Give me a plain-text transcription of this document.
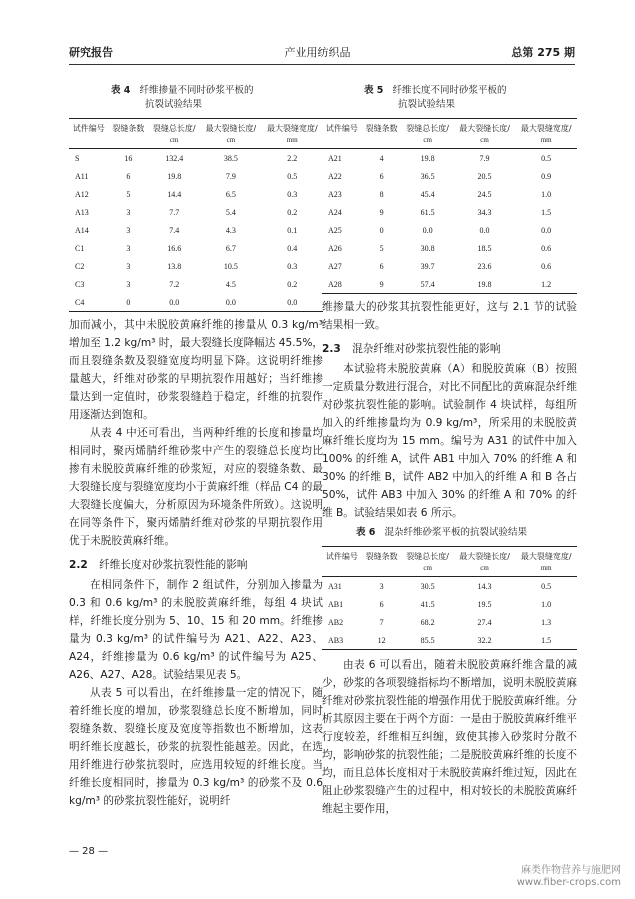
研究报告	产业用纺织品	总第 275 期
表 4 纤维掺量不同时砂浆平板的
抗裂试验结果
试件编号	裂缝条数	裂缝总长度/	最大裂缝长度/	最大裂缝宽度/
		cm	cm	mm
S	16	132.4	38.5	2.2
A11	6	19.8	7.9	0.5
A12	5	14.4	6.5	0.3
A13	3	7.7	5.4	0.2
A14	3	7.4	4.3	0.1
C1	3	16.6	6.7	0.4
C2	3	13.8	10.5	0.3
C3	3	7.2	4.5	0.2
C4	0	0.0	0.0	0.0

加而减小，其中未脱胶黄麻纤维的掺量从 0.3 kg/m³ 增加至 1.2 kg/m³ 时，最大裂缝长度降幅达 45.5%，而且裂缝条数及裂缝宽度均明显下降。这说明纤维掺量越大，纤维对砂浆的早期抗裂作用越好；当纤维掺量达到一定值时，砂浆裂缝趋于稳定，纤维的抗裂作用逐渐达到饱和。

从表 4 中还可看出，当两种纤维的长度和掺量均相同时，聚丙烯腈纤维砂浆中产生的裂缝总长度均比掺有未脱胶黄麻纤维的砂浆短，对应的裂缝条数、最大裂缝长度与裂缝宽度均小于黄麻纤维（样品 C4 的最大裂缝长度偏大，分析原因为环境条件所致）。这说明在同等条件下，聚丙烯腈纤维对砂浆的早期抗裂作用优于未脱胶黄麻纤维。

2.2 纤维长度对砂浆抗裂性能的影响

在相同条件下，制作 2 组试件，分别加入掺量为 0.3 和 0.6 kg/m³ 的未脱胶黄麻纤维，每组 4 块试样，纤维长度分别为 5、10、15 和 20 mm。纤维掺量为 0.3 kg/m³ 的试件编号为 A21、A22、A23、A24，纤维掺量为 0.6 kg/m³ 的试件编号为 A25、A26、A27、A28。试验结果见表 5。

从表 5 可以看出，在纤维掺量一定的情况下，随着纤维长度的增加，砂浆裂缝总长度不断增加，同时裂缝条数、裂缝长度及宽度等指数也不断增加，这表明纤维长度越长，砂浆的抗裂性能越差。因此，在选用纤维进行砂浆抗裂时，应选用较短的纤维长度。当纤维长度相同时，掺量为 0.3 kg/m³ 的砂浆不及 0.6 kg/m³ 的砂浆抗裂性能好，说明纤

表 5 纤维长度不同时砂浆平板的
抗裂试验结果
试件编号	裂缝条数	裂缝总长度/	最大裂缝长度/	最大裂缝宽度/
		cm	cm	mm
A21	4	19.8	7.9	0.5
A22	6	36.5	20.5	0.9
A23	8	45.4	24.5	1.0
A24	9	61.5	34.3	1.5
A25	0	0.0	0.0	0.0
A26	5	30.8	18.5	0.6
A27	6	39.7	23.6	0.6
A28	9	57.4	19.8	1.2

维掺量大的砂浆其抗裂性能更好，这与 2.1 节的试验结果相一致。

2.3 混杂纤维对砂浆抗裂性能的影响

本试验将未脱胶黄麻（A）和脱胶黄麻（B）按照一定质量分数进行混合，对比不同配比的黄麻混杂纤维对砂浆抗裂性能的影响。试验制作 4 块试样，每组所加入的纤维掺量均为 0.9 kg/m³，所采用的未脱胶黄麻纤维长度均为 15 mm。编号为 A31 的试件中加入 100% 的纤维 A，试件 AB1 中加入 70% 的纤维 A 和 30% 的纤维 B，试件 AB2 中加入的纤维 A 和 B 各占 50%，试件 AB3 中加入 30% 的纤维 A 和 70% 的纤维 B。试验结果如表 6 所示。

表 6 混杂纤维砂浆平板的抗裂试验结果
试件编号	裂缝条数	裂缝总长度/	最大裂缝长度/	最大裂缝宽度/
		cm	cm	mm
A31	3	30.5	14.3	0.5
AB1	6	41.5	19.5	1.0
AB2	7	68.2	27.4	1.3
AB3	12	85.5	32.2	1.5

由表 6 可以看出，随着未脱胶黄麻纤维含量的减少，砂浆的各项裂缝指标均不断增加，说明未脱胶黄麻纤维对砂浆抗裂性能的增强作用优于脱胶黄麻纤维。分析其原因主要在于两个方面：一是由于脱胶黄麻纤维平行度较差，纤维相互纠缠，致使其掺入砂浆时分散不均，影响砂浆的抗裂性能；二是脱胶黄麻纤维的长度不均，而且总体长度相对于未脱胶黄麻纤维过短，因此在阻止砂浆裂缝产生的过程中，相对较长的未脱胶黄麻纤维起主要作用，

— 28 —
麻类作物营养与施肥网
www.fiber-crops.com
